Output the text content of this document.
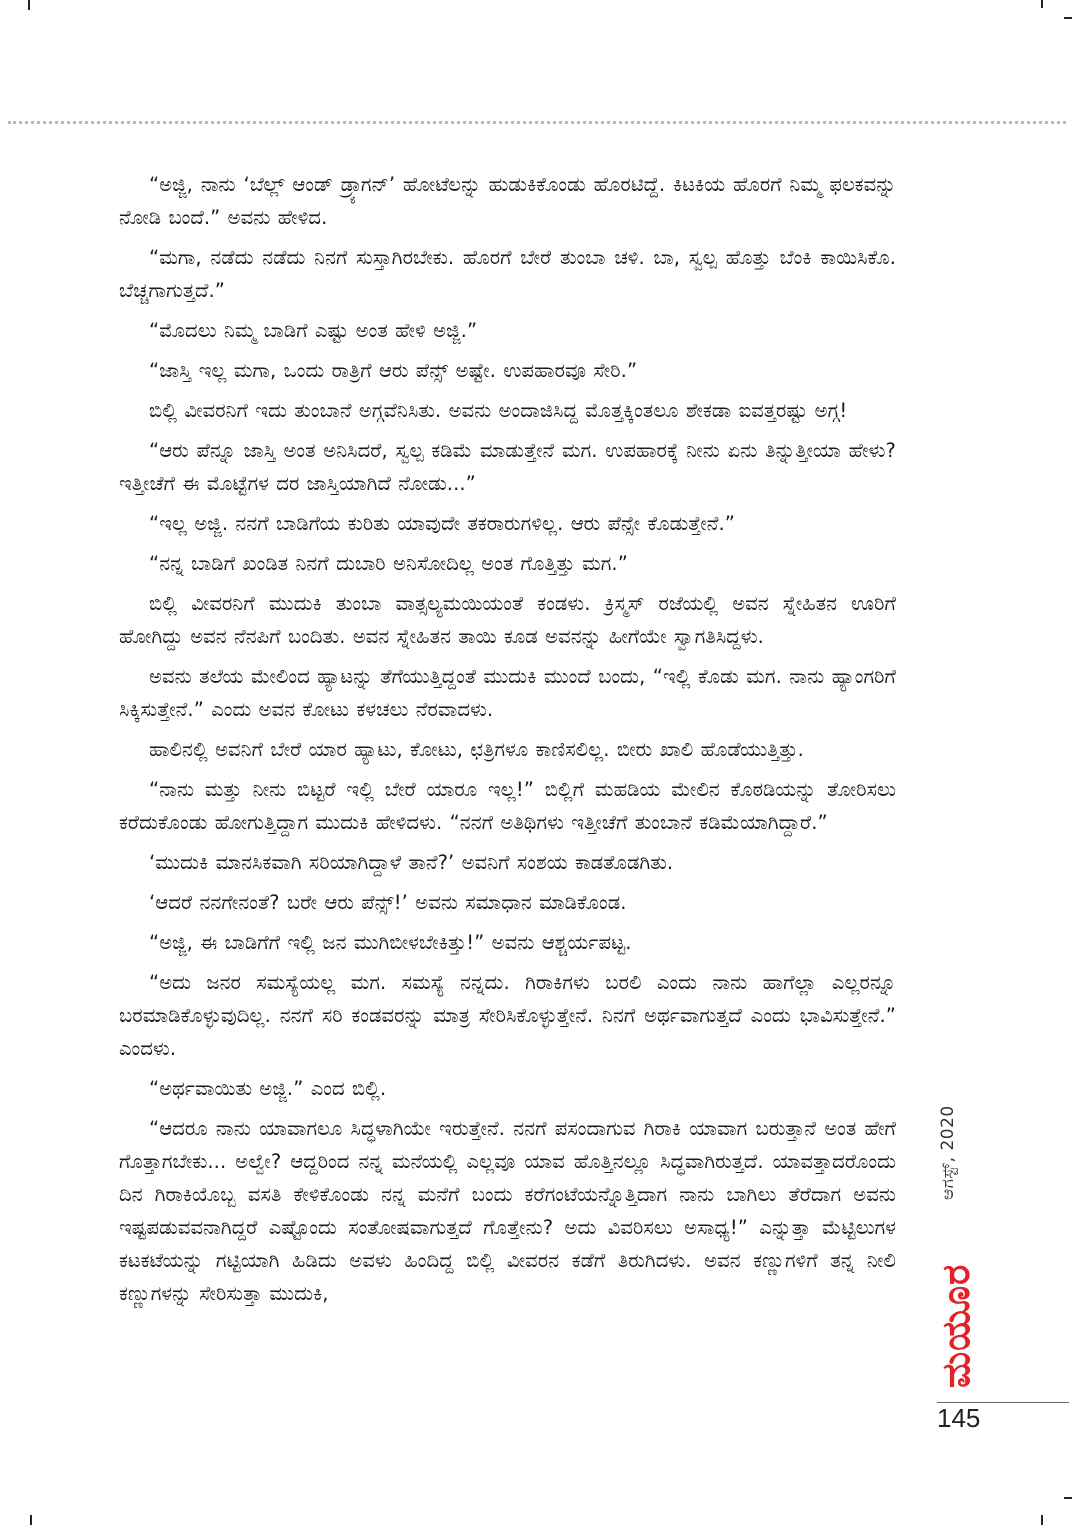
“ಅಜ್ಜಿ, ನಾನು ‘ಬೆಲ್ಲ್ ಆಂಡ್ ಡ್ರ್ಯಾಗನ್’ ಹೋಟೆಲನ್ನು ಹುಡುಕಿಕೊಂಡು ಹೊರಟಿದ್ದೆ. ಕಿಟಕಿಯ ಹೊರಗೆ ನಿಮ್ಮ ಫಲಕವನ್ನು ನೋಡಿ ಬಂದೆ.” ಅವನು ಹೇಳಿದ.

“ಮಗಾ, ನಡೆದು ನಡೆದು ನಿನಗೆ ಸುಸ್ತಾಗಿರಬೇಕು. ಹೊರಗೆ ಬೇರೆ ತುಂಬಾ ಚಳಿ. ಬಾ, ಸ್ವಲ್ಪ ಹೊತ್ತು ಬೆಂಕಿ ಕಾಯಿಸಿಕೊ. ಬೆಚ್ಚಗಾಗುತ್ತದೆ.”

“ಮೊದಲು ನಿಮ್ಮ ಬಾಡಿಗೆ ಎಷ್ಟು ಅಂತ ಹೇಳಿ ಅಜ್ಜಿ.”

“ಜಾಸ್ತಿ ಇಲ್ಲ ಮಗಾ, ಒಂದು ರಾತ್ರಿಗೆ ಆರು ಪೆನ್ಸ್ ಅಷ್ಟೇ. ಉಪಹಾರವೂ ಸೇರಿ.”

ಬಿಲ್ಲಿ ವೀವರನಿಗೆ ಇದು ತುಂಬಾನೆ ಅಗ್ಗವೆನಿಸಿತು. ಅವನು ಅಂದಾಜಿಸಿದ್ದ ಮೊತ್ತಕ್ಕಿಂತಲೂ ಶೇಕಡಾ ಐವತ್ತರಷ್ಟು ಅಗ್ಗ!

“ಆರು ಪೆನ್ನೂ ಜಾಸ್ತಿ ಅಂತ ಅನಿಸಿದರೆ, ಸ್ವಲ್ಪ ಕಡಿಮೆ ಮಾಡುತ್ತೇನೆ ಮಗ. ಉಪಹಾರಕ್ಕೆ ನೀನು ಏನು ತಿನ್ನುತ್ತೀಯಾ ಹೇಳು? ಇತ್ತೀಚೆಗೆ ಈ ಮೊಟ್ಟೆಗಳ ದರ ಜಾಸ್ತಿಯಾಗಿದೆ ನೋಡು...”

“ಇಲ್ಲ ಅಜ್ಜಿ. ನನಗೆ ಬಾಡಿಗೆಯ ಕುರಿತು ಯಾವುದೇ ತಕರಾರುಗಳಿಲ್ಲ. ಆರು ಪೆನ್ಸೇ ಕೊಡುತ್ತೇನೆ.”

“ನನ್ನ ಬಾಡಿಗೆ ಖಂಡಿತ ನಿನಗೆ ದುಬಾರಿ ಅನಿಸೋದಿಲ್ಲ ಅಂತ ಗೊತ್ತಿತ್ತು ಮಗ.”

ಬಿಲ್ಲಿ ವೀವರನಿಗೆ ಮುದುಕಿ ತುಂಬಾ ವಾತ್ಸಲ್ಯಮಯಿಯಂತೆ ಕಂಡಳು. ಕ್ರಿಸ್ಮಸ್ ರಜೆಯಲ್ಲಿ ಅವನ ಸ್ನೇಹಿತನ ಊರಿಗೆ ಹೋಗಿದ್ದು ಅವನ ನೆನಪಿಗೆ ಬಂದಿತು. ಅವನ ಸ್ನೇಹಿತನ ತಾಯಿ ಕೂಡ ಅವನನ್ನು ಹೀಗೆಯೇ ಸ್ವಾಗತಿಸಿದ್ದಳು.

ಅವನು ತಲೆಯ ಮೇಲಿಂದ ಹ್ಯಾಟನ್ನು ತೆಗೆಯುತ್ತಿದ್ದಂತೆ ಮುದುಕಿ ಮುಂದೆ ಬಂದು, “ಇಲ್ಲಿ ಕೊಡು ಮಗ. ನಾನು ಹ್ಯಾಂಗರಿಗೆ ಸಿಕ್ಕಿಸುತ್ತೇನೆ.” ಎಂದು ಅವನ ಕೋಟು ಕಳಚಲು ನೆರವಾದಳು.

ಹಾಲಿನಲ್ಲಿ ಅವನಿಗೆ ಬೇರೆ ಯಾರ ಹ್ಯಾಟು, ಕೋಟು, ಛತ್ರಿಗಳೂ ಕಾಣಿಸಲಿಲ್ಲ. ಬೀರು ಖಾಲಿ ಹೊಡೆಯುತ್ತಿತ್ತು.

“ನಾನು ಮತ್ತು ನೀನು ಬಿಟ್ಟರೆ ಇಲ್ಲಿ ಬೇರೆ ಯಾರೂ ಇಲ್ಲ!” ಬಿಲ್ಲಿಗೆ ಮಹಡಿಯ ಮೇಲಿನ ಕೊಠಡಿಯನ್ನು ತೋರಿಸಲು ಕರೆದುಕೊಂಡು ಹೋಗುತ್ತಿದ್ದಾಗ ಮುದುಕಿ ಹೇಳಿದಳು. “ನನಗೆ ಅತಿಥಿಗಳು ಇತ್ತೀಚೆಗೆ ತುಂಬಾನೆ ಕಡಿಮೆಯಾಗಿದ್ದಾರೆ.”

‘ಮುದುಕಿ ಮಾನಸಿಕವಾಗಿ ಸರಿಯಾಗಿದ್ದಾಳೆ ತಾನೆ?’ ಅವನಿಗೆ ಸಂಶಯ ಕಾಡತೊಡಗಿತು.

‘ಆದರೆ ನನಗೇನಂತೆ? ಬರೇ ಆರು ಪೆನ್ಸ್!’ ಅವನು ಸಮಾಧಾನ ಮಾಡಿಕೊಂಡ.

“ಅಜ್ಜಿ, ಈ ಬಾಡಿಗೆಗೆ ಇಲ್ಲಿ ಜನ ಮುಗಿಬೀಳಬೇಕಿತ್ತು!” ಅವನು ಆಶ್ಚರ್ಯಪಟ್ಟ.

“ಅದು ಜನರ ಸಮಸ್ಯೆಯಲ್ಲ ಮಗ. ಸಮಸ್ಯೆ ನನ್ನದು. ಗಿರಾಕಿಗಳು ಬರಲಿ ಎಂದು ನಾನು ಹಾಗೆಲ್ಲಾ ಎಲ್ಲರನ್ನೂ ಬರಮಾಡಿಕೊಳ್ಳುವುದಿಲ್ಲ. ನನಗೆ ಸರಿ ಕಂಡವರನ್ನು ಮಾತ್ರ ಸೇರಿಸಿಕೊಳ್ಳುತ್ತೇನೆ. ನಿನಗೆ ಅರ್ಥವಾಗುತ್ತದೆ ಎಂದು ಭಾವಿಸುತ್ತೇನೆ.” ಎಂದಳು.

“ಅರ್ಥವಾಯಿತು ಅಜ್ಜಿ.” ಎಂದ ಬಿಲ್ಲಿ.

“ಆದರೂ ನಾನು ಯಾವಾಗಲೂ ಸಿದ್ಧಳಾಗಿಯೇ ಇರುತ್ತೇನೆ. ನನಗೆ ಪಸಂದಾಗುವ ಗಿರಾಕಿ ಯಾವಾಗ ಬರುತ್ತಾನೆ ಅಂತ ಹೇಗೆ ಗೊತ್ತಾಗಬೇಕು... ಅಲ್ವೇ? ಆದ್ದರಿಂದ ನನ್ನ ಮನೆಯಲ್ಲಿ ಎಲ್ಲವೂ ಯಾವ ಹೊತ್ತಿನಲ್ಲೂ ಸಿದ್ಧವಾಗಿರುತ್ತದೆ. ಯಾವತ್ತಾದರೊಂದು ದಿನ ಗಿರಾಕಿಯೊಬ್ಬ ವಸತಿ ಕೇಳಿಕೊಂಡು ನನ್ನ ಮನೆಗೆ ಬಂದು ಕರೆಗಂಟೆಯನ್ನೊತ್ತಿದಾಗ ನಾನು ಬಾಗಿಲು ತೆರೆದಾಗ ಅವನು ಇಷ್ಟಪಡುವವನಾಗಿದ್ದರೆ ಎಷ್ಟೊಂದು ಸಂತೋಷವಾಗುತ್ತದೆ ಗೊತ್ತೇನು? ಅದು ವಿವರಿಸಲು ಅಸಾಧ್ಯ!” ಎನ್ನುತ್ತಾ ಮೆಟ್ಟಿಲುಗಳ ಕಟಕಟೆಯನ್ನು ಗಟ್ಟಿಯಾಗಿ ಹಿಡಿದು ಅವಳು ಹಿಂದಿದ್ದ ಬಿಲ್ಲಿ ವೀವರನ ಕಡೆಗೆ ತಿರುಗಿದಳು. ಅವನ ಕಣ್ಣುಗಳಿಗೆ ತನ್ನ ನೀಲಿ ಕಣ್ಣುಗಳನ್ನು ಸೇರಿಸುತ್ತಾ ಮುದುಕಿ,

ಆಗಸ್ಟ್, 2020
ಮಯೂರ
145
